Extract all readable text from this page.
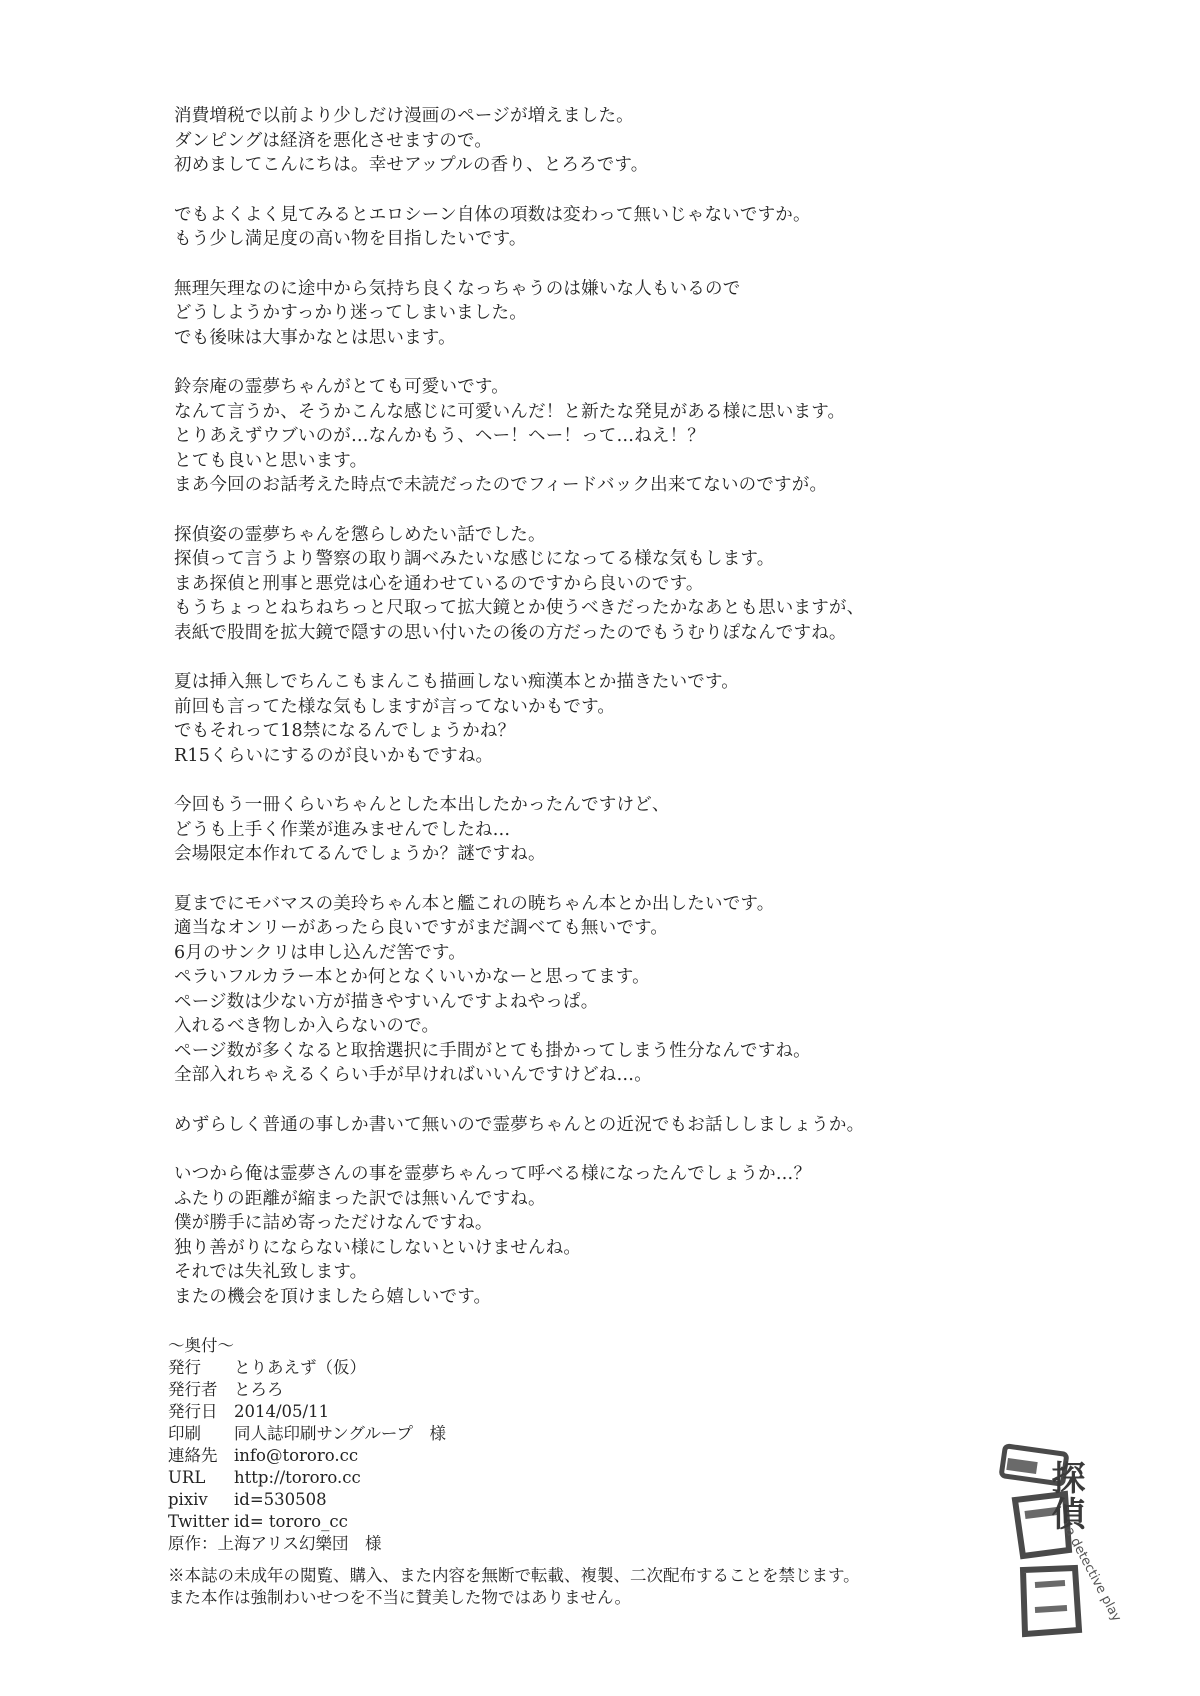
消費増税で以前より少しだけ漫画のページが増えました。
ダンピングは経済を悪化させますので。
初めましてこんにちは。幸せアップルの香り、とろろです。
でもよくよく見てみるとエロシーン自体の項数は変わって無いじゃないですか。
もう少し満足度の高い物を目指したいです。
無理矢理なのに途中から気持ち良くなっちゃうのは嫌いな人もいるので
どうしようかすっかり迷ってしまいました。
でも後味は大事かなとは思います。
鈴奈庵の霊夢ちゃんがとても可愛いです。
なんて言うか、そうかこんな感じに可愛いんだ！と新たな発見がある様に思います。
とりあえずウブいのが…なんかもう、ヘー！ヘー！って…ねえ！？
とても良いと思います。
まあ今回のお話考えた時点で未読だったのでフィードバック出来てないのですが。
探偵姿の霊夢ちゃんを懲らしめたい話でした。
探偵って言うより警察の取り調べみたいな感じになってる様な気もします。
まあ探偵と刑事と悪党は心を通わせているのですから良いのです。
もうちょっとねちねちっと尺取って拡大鏡とか使うべきだったかなあとも思いますが、
表紙で股間を拡大鏡で隠すの思い付いたの後の方だったのでもうむりぽなんですね。
夏は挿入無しでちんこもまんこも描画しない痴漢本とか描きたいです。
前回も言ってた様な気もしますが言ってないかもです。
でもそれって18禁になるんでしょうかね？
R15くらいにするのが良いかもですね。
今回もう一冊くらいちゃんとした本出したかったんですけど、
どうも上手く作業が進みませんでしたね…
会場限定本作れてるんでしょうか？謎ですね。
夏までにモバマスの美玲ちゃん本と艦これの暁ちゃん本とか出したいです。
適当なオンリーがあったら良いですがまだ調べても無いです。
6月のサンクリは申し込んだ筈です。
ペラいフルカラー本とか何となくいいかなーと思ってます。
ページ数は少ない方が描きやすいんですよねやっぱ。
入れるべき物しか入らないので。
ページ数が多くなると取捨選択に手間がとても掛かってしまう性分なんですね。
全部入れちゃえるくらい手が早ければいいんですけどね…。
めずらしく普通の事しか書いて無いので霊夢ちゃんとの近況でもお話ししましょうか。
いつから俺は霊夢さんの事を霊夢ちゃんって呼べる様になったんでしょうか…？
ふたりの距離が縮まった訳では無いんですね。
僕が勝手に詰め寄っただけなんですね。
独り善がりにならない様にしないといけませんね。
それでは失礼致します。
またの機会を頂けましたら嬉しいです。
〜奥付〜
発行 とりあえず（仮）
発行者 とろろ
発行日 2014/05/11
印刷 同人誌印刷サングループ　様
連絡先 info@tororo.cc
URL http://tororo.cc
pixiv id=530508
Twitter id= tororo_cc
原作：上海アリス幻樂団　様
※本誌の未成年の閲覧、購入、また内容を無断で転載、複製、二次配布することを禁じます。
また本作は強制わいせつを不当に賛美した物ではありません。
探偵
a detective play
ごっこ
